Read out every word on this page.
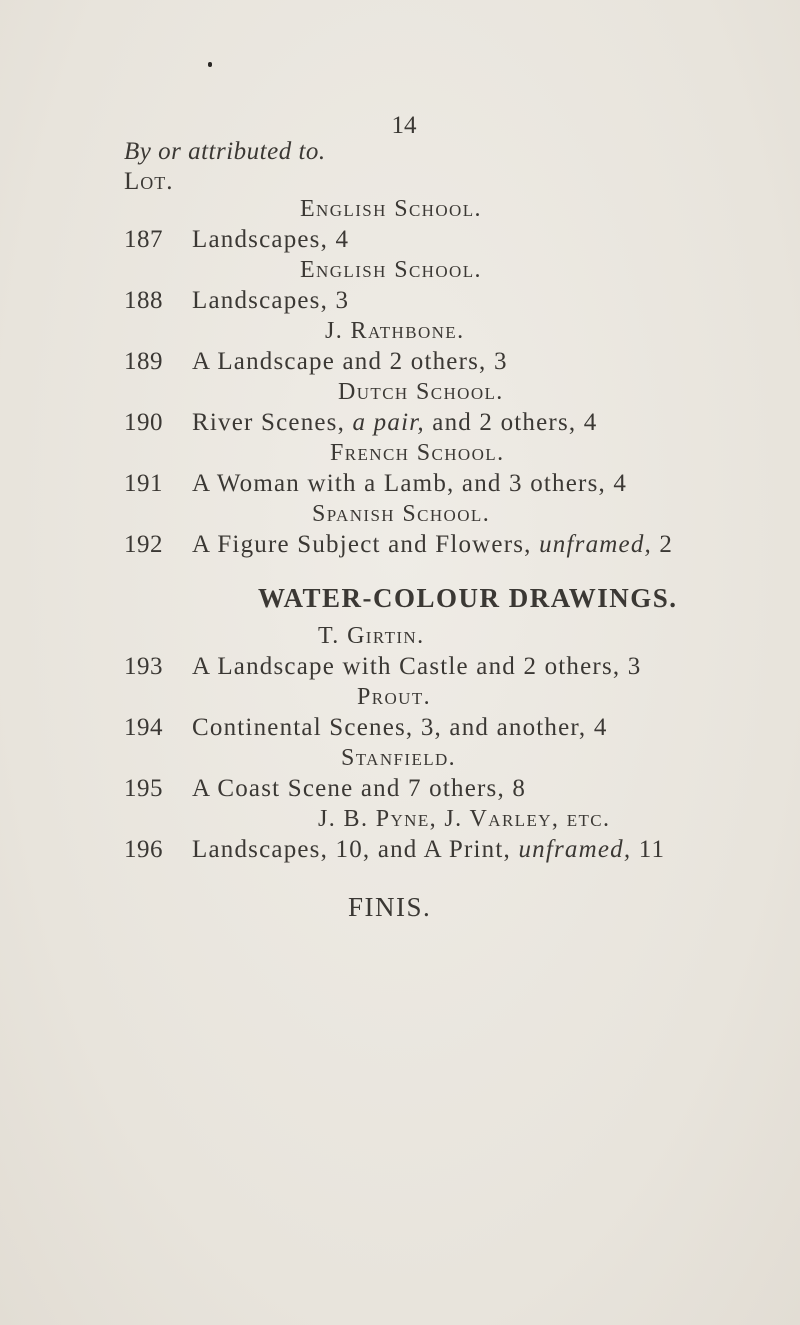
14
By or attributed to.
Lot.
English School.
187 Landscapes, 4
English School.
188 Landscapes, 3
J. Rathbone.
189 A Landscape and 2 others, 3
Dutch School.
190 River Scenes, a pair, and 2 others, 4
French School.
191 A Woman with a Lamb, and 3 others, 4
Spanish School.
192 A Figure Subject and Flowers, unframed, 2
WATER-COLOUR DRAWINGS.
T. Girtin.
193 A Landscape with Castle and 2 others, 3
Prout.
194 Continental Scenes, 3, and another, 4
Stanfield.
195 A Coast Scene and 7 others, 8
J. B. Pyne, J. Varley, etc.
196 Landscapes, 10, and A Print, unframed, 11
FINIS.
